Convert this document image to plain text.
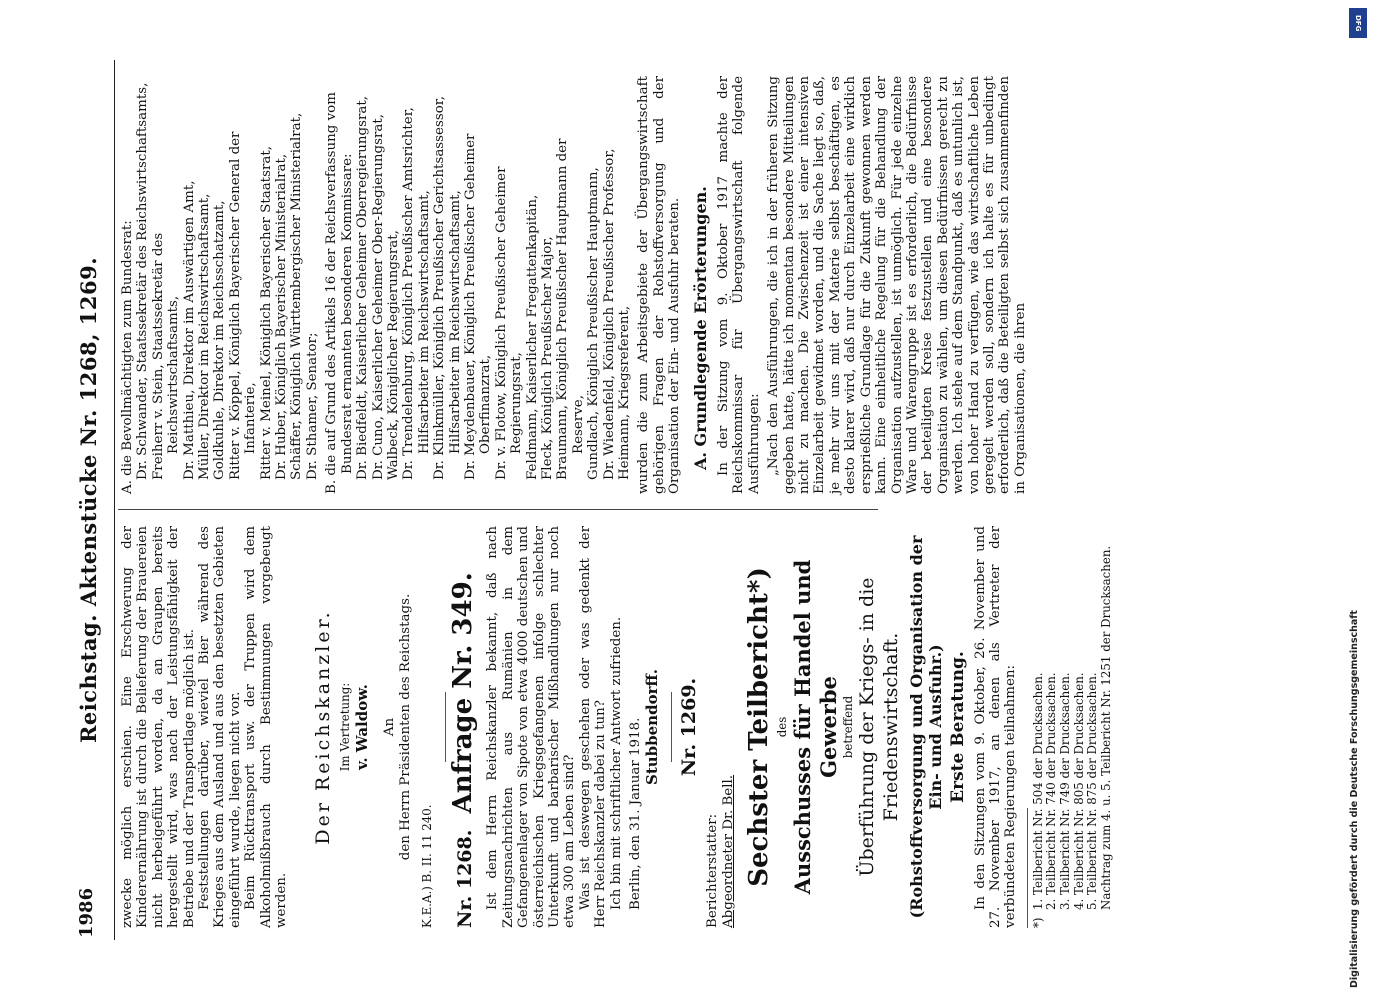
1986
Reichstag. Aktenstücke Nr. 1268, 1269. zwecke möglich erschien. Eine Erschwerung der Kinderernährung ist durch die Belieferung der Brauereien nicht herbeigeführt worden, da an Graupen bereits hergestellt wird, was nach der Leistungsfähigkeit der Betriebe und der Transportlage möglich ist. Feststellungen darüber, wieviel Bier während des Krieges aus dem Ausland und aus den besetzten Gebieten eingeführt wurde, liegen nicht vor. Beim Rücktransport usw. der Truppen wird dem Alkoholmißbrauch durch Bestimmungen vorgebeugt werden.

Der Reichskanzler. Im Vertretung: v. Waldow. An den Herrn Präsidenten des Reichstags.
K.E.A.) B. II. 11 240. Nr. 1268. Anfrage Nr. 349. Ist dem Herrn Reichskanzler bekannt, daß nach Zeitungsnachrichten aus Rumänien in dem Gefangenenlager von Sipote von etwa 4000 deutschen und österreichischen Kriegsgefangenen infolge schlechter Unterkunft und barbarischer Mißhandlungen nur noch etwa 300 am Leben sind? Was ist deswegen geschehen oder was gedenkt der Herr Reichskanzler dabei zu tun? Ich bin mit schriftlicher Antwort zufrieden. Berlin, den 31. Januar 1918. Stubbendorff. Nr. 1269.
Berichterstatter: Abgeordneter Dr. Bell. Sechster Teilbericht*) des Ausschusses für Handel und Gewerbe betreffend Überführung der Kriegs- in die Friedenswirtschaft. (Rohstoffversorgung und Organisation der Ein- und Ausfuhr.) Erste Beratung. In den Sitzungen vom 9. Oktober, 26. November und 27. November 1917, an denen als Vertreter der verbündeten Regierungen teilnahmen: *)
1. Teilbericht Nr. 504 der Drucksachen. 2. Teilbericht Nr. 740 der Drucksachen. 3. Teilbericht Nr. 749 der Drucksachen. 4. Teilbericht Nr. 805 der Drucksachen. 5. Teilbericht Nr. 875 der Drucksachen. Nachtrag zum 4. u. 5. Teilbericht Nr. 1251 der Drucksachen.

A. die Bevollmächtigten zum Bundesrat: Dr. Schwander, Staatssekretär des Reichswirtschaftsamts, Freiherr v. Stein, Staatssekretär des Reichswirtschaftsamts, Dr. Matthieu, Direktor im Auswärtigen Amt, Müller, Direktor im Reichswirtschaftsamt, Goldkuhle, Direktor im Reichsschatzamt, Ritter v. Köppel, Königlich Bayerischer General der Infanterie, Ritter v. Meinel, Königlich Bayerischer Staatsrat, Dr. Huber, Königlich Bayerischer Ministerialrat, Schäffer, Königlich Württembergischer Ministerialrat, Dr. Sthamer, Senator; B. die auf Grund des Artikels 16 der Reichsverfassung vom Bundesrat ernannten besonderen Kommissare: Dr. Biedfeldt, Kaiserlicher Geheimer Oberregierungsrat, Dr. Cuno, Kaiserlicher Geheimer Ober-Regierungsrat, Walbeck, Königlicher Regierungsrat, Dr. Trendelenburg, Königlich Preußischer Amtsrichter, Hilfsarbeiter im Reichswirtschaftsamt, Dr. Klinkmüller, Königlich Preußischer Gerichtsassessor, Hilfsarbeiter im Reichswirtschaftsamt, Dr. Meydenbauer, Königlich Preußischer Geheimer Oberfinanzrat, Dr. v. Flotow, Königlich Preußischer Geheimer Regierungsrat, Feldmann, Kaiserlicher Fregattenkapitän, Fleck, Königlich Preußischer Major, Braumann, Königlich Preußischer Hauptmann der Reserve, Gundlach, Königlich Preußischer Hauptmann, Dr. Wiedenfeld, Königlich Preußischer Professor, Heimann, Kriegsreferent, wurden die zum Arbeitsgebiete der Übergangswirtschaft gehörigen Fragen der Rohstoffversorgung und der Organisation der Ein- und Ausfuhr beraten. A. Grundlegende Erörterungen. In der Sitzung vom 9. Oktober 1917 machte der Reichskommissar für Übergangswirtschaft folgende Ausführungen: „Nach den Ausführungen, die ich in der früheren Sitzung gegeben hatte, hätte ich momentan besondere Mitteilungen nicht zu machen. Die Zwischenzeit ist einer intensiven Einzelarbeit gewidmet worden, und die Sache liegt so, daß, je mehr wir uns mit der Materie selbst beschäftigen, es desto klarer wird, daß nur durch Einzelarbeit eine wirklich ersprießliche Grundlage für die Zukunft gewonnen werden kann. Eine einheitliche Regelung für die Behandlung der Organisation aufzustellen, ist unmöglich. Für jede einzelne Ware und Warengruppe ist es erforderlich, die Bedürfnisse der beteiligten Kreise festzustellen und eine besondere Organisation zu wählen, um diesen Bedürfnissen gerecht zu werden. Ich stehe auf dem Standpunkt, daß es untunlich ist, von hoher Hand zu verfügen, wie das wirtschaftliche Leben geregelt werden soll, sondern ich halte es für unbedingt erforderlich, daß die Beteiligten selbst sich zusammenfinden in Organisationen, die ihren

DFG
Digitalisierung gefördert durch die Deutsche Forschungsgemeinschaft
